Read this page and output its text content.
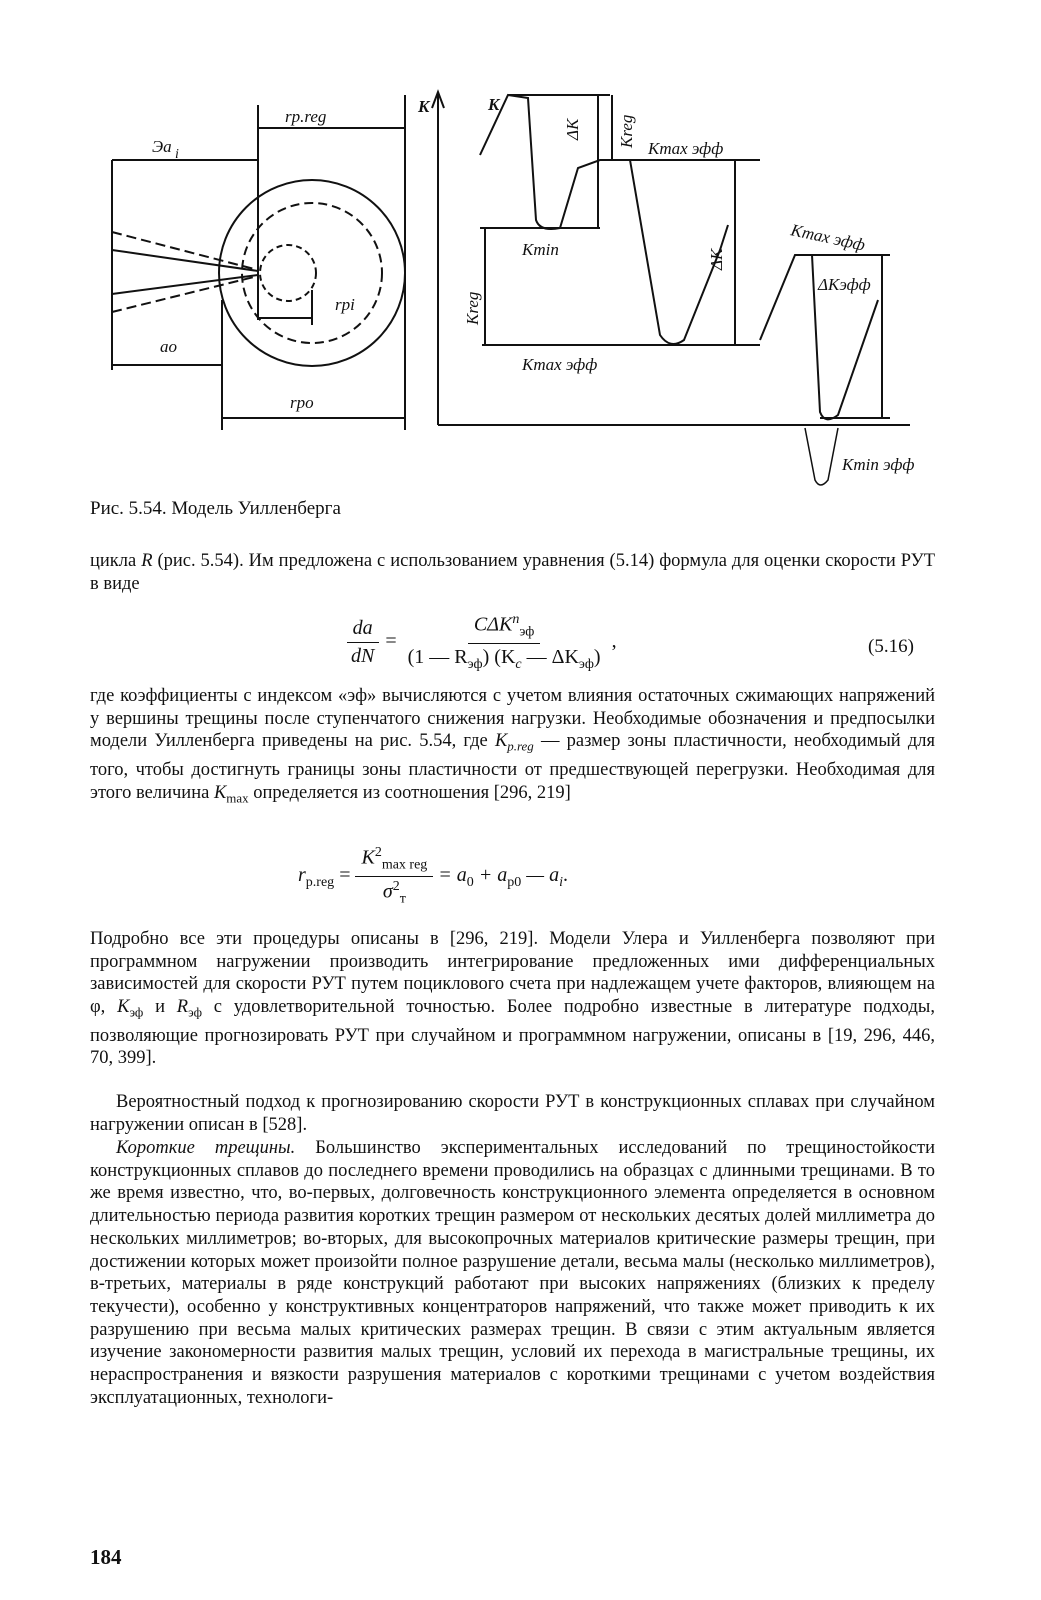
Эa i
rp.reg
K	K
ΔK Kreg
Kmax эфф
Kmin
rpi
ao
Kreg
ΔK
Kmax эфф
Kmax эфф
ΔKэфф
rpo
Kmin эфф
Рис. 5.54. Модель Уилленберга

цикла R (рис. 5.54). Им предложена с использованием уравнения (5.14) формула для оценки скорости РУТ в виде

$\frac{da}{dN} = \frac{C\Delta K^n_{эф}}{(1 — R_{эф}) (K_c — \Delta K_{эф})}$ ,	(5.16)

где коэффициенты с индексом «эф» вычисляются с учетом влияния остаточных сжимающих напряжений у вершины трещины после ступенчатого снижения нагрузки. Необходимые обозначения и предпосылки модели Уилленберга приведены на рис. 5.54, где $K_{p.reg}$ — размер зоны пластичности, необходимый для того, чтобы достигнуть границы зоны пластичности от предшествующей перегрузки. Необходимая для этого величина $K_{max}$ определяется из соотношения [296, 219]

$r_{p.reg} = \frac{K^2_{max reg}}{\sigma^2_т} = a_0 + a_{p0}$ — $a_i$.

Подробно все эти процедуры описаны в [296, 219]. Модели Улера и Уилленберга позволяют при программном нагружении производить интегрирование предложенных ими дифференциальных зависимостей для скорости РУТ путем поциклового счета при надлежащем учете факторов, влияющем на φ, $K_{эф}$ и $R_{эф}$ с удовлетворительной точностью. Более подробно известные в литературе подходы, позволяющие прогнозировать РУТ при случайном и программном нагружении, описаны в [19, 296, 446, 70, 399].

Вероятностный подход к прогнозированию скорости РУТ в конструкционных сплавах при случайном нагружении описан в [528].

Короткие трещины. Большинство экспериментальных исследований по трещиностойкости конструкционных сплавов до последнего времени проводились на образцах с длинными трещинами. В то же время известно, что, во-первых, долговечность конструкционного элемента определяется в основном длительностью периода развития коротких трещин размером от нескольких десятых долей миллиметра до нескольких миллиметров; во-вторых, для высокопрочных материалов критические размеры трещин, при достижении которых может произойти полное разрушение детали, весьма малы (несколько миллиметров), в-третьих, материалы в ряде конструкций работают при высоких напряжениях (близких к пределу текучести), особенно у конструктивных концентраторов напряжений, что также может приводить к их разрушению при весьма малых критических размерах трещин. В связи с этим актуальным является изучение закономерности развития малых трещин, условий их перехода в магистральные трещины, их нераспространения и вязкости разрушения материалов с короткими трещинами с учетом воздействия эксплуатационных, технологи-

184
